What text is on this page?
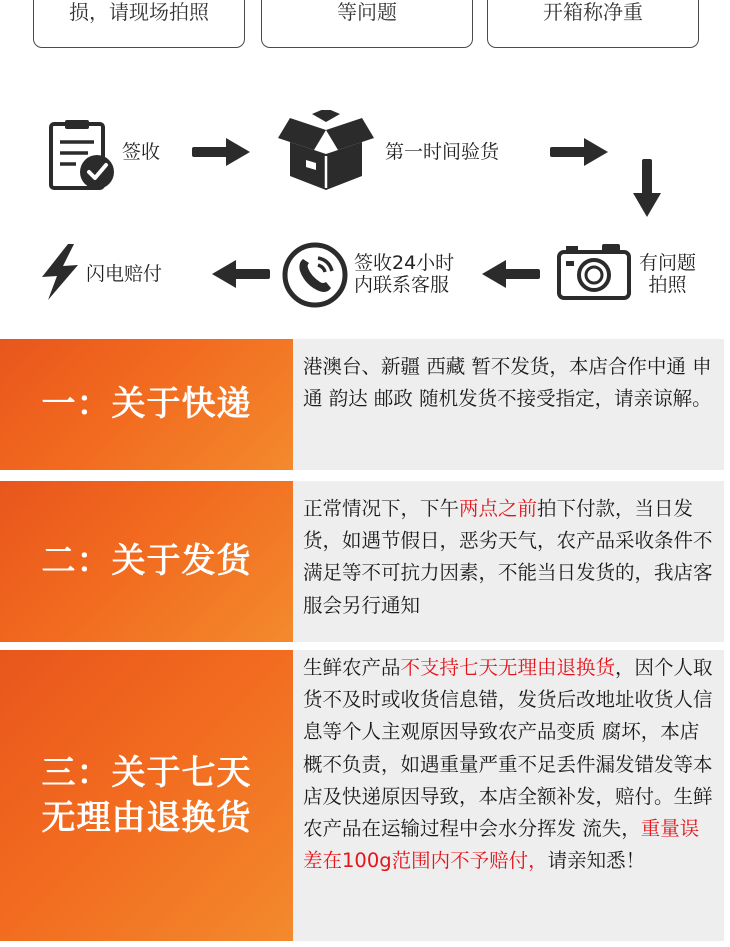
损，请现场拍照	等问题	开箱称净重
签收	第一时间验货
有问题
拍照
签收24小时
内联系客服
闪电赔付
一：关于快递
港澳台、新疆 西藏 暂不发货，本店合作中通 申通 韵达 邮政 随机发货不接受指定，请亲谅解。
二：关于发货
正常情况下，下午两点之前拍下付款，当日发货，如遇节假日，恶劣天气，农产品采收条件不满足等不可抗力因素，不能当日发货的，我店客服会另行通知
三：关于七天
无理由退换货
生鲜农产品不支持七天无理由退换货，因个人取货不及时或收货信息错，发货后改地址收货人信息等个人主观原因导致农产品变质 腐坏，本店概不负责，如遇重量严重不足丢件漏发错发等本店及快递原因导致，本店全额补发，赔付。生鲜农产品在运输过程中会水分挥发 流失，重量误差在100g范围内不予赔付，请亲知悉！
